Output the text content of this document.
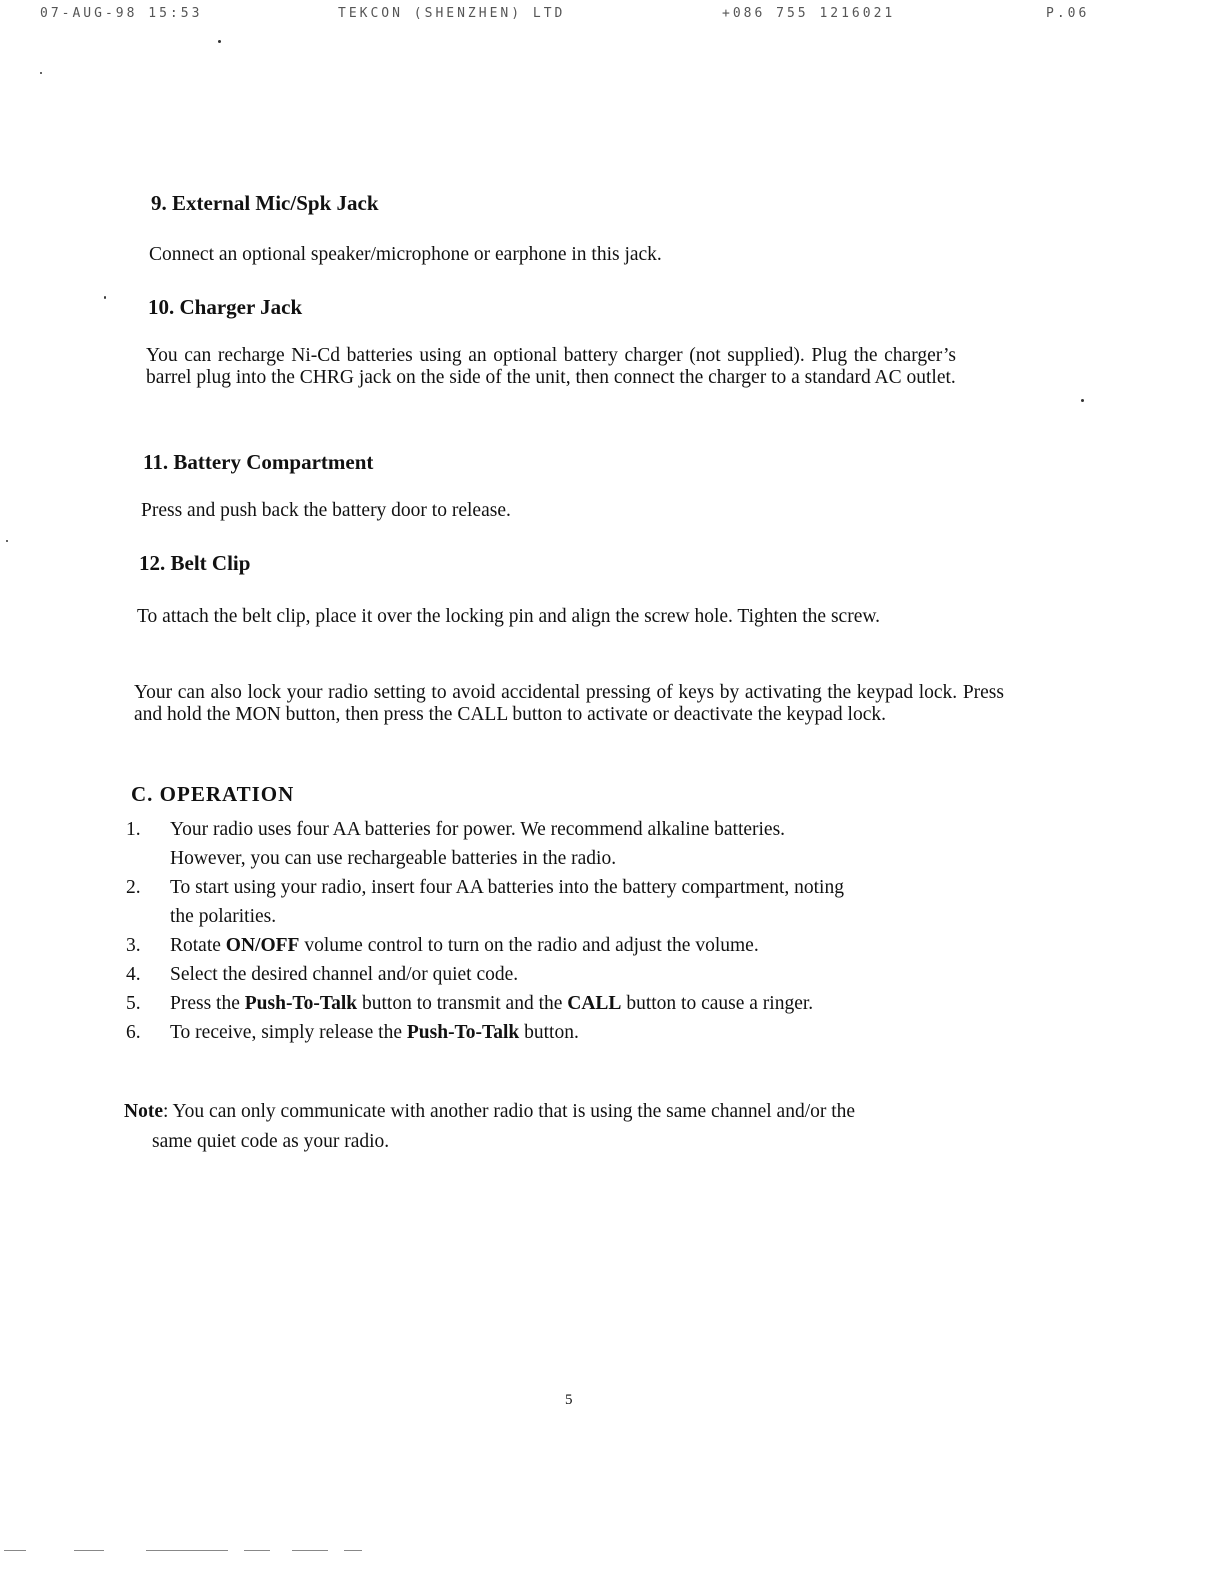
07-AUG-98 15:53	TEKCON (SHENZHEN) LTD	+086 755 1216021	P.06
9. External Mic/Spk Jack

Connect an optional speaker/microphone or earphone in this jack.

10. Charger Jack

You can recharge Ni-Cd batteries using an optional battery charger (not supplied). Plug the charger’s barrel plug into the CHRG jack on the side of the unit, then connect the charger to a standard AC outlet.

11. Battery Compartment

Press and push back the battery door to release.

12. Belt Clip

To attach the belt clip, place it over the locking pin and align the screw hole. Tighten the screw.

Your can also lock your radio setting to avoid accidental pressing of keys by activating the keypad lock. Press and hold the MON button, then press the CALL button to activate or deactivate the keypad lock.

C. OPERATION
1. Your radio uses four AA batteries for power. We recommend alkaline batteries.
However, you can use rechargeable batteries in the radio.
2. To start using your radio, insert four AA batteries into the battery compartment, noting
the polarities.
3. Rotate ON/OFF volume control to turn on the radio and adjust the volume.
4. Select the desired channel and/or quiet code.
5. Press the Push-To-Talk button to transmit and the CALL button to cause a ringer.
6. To receive, simply release the Push-To-Talk button.
Note: You can only communicate with another radio that is using the same channel and/or the
same quiet code as your radio.
5
